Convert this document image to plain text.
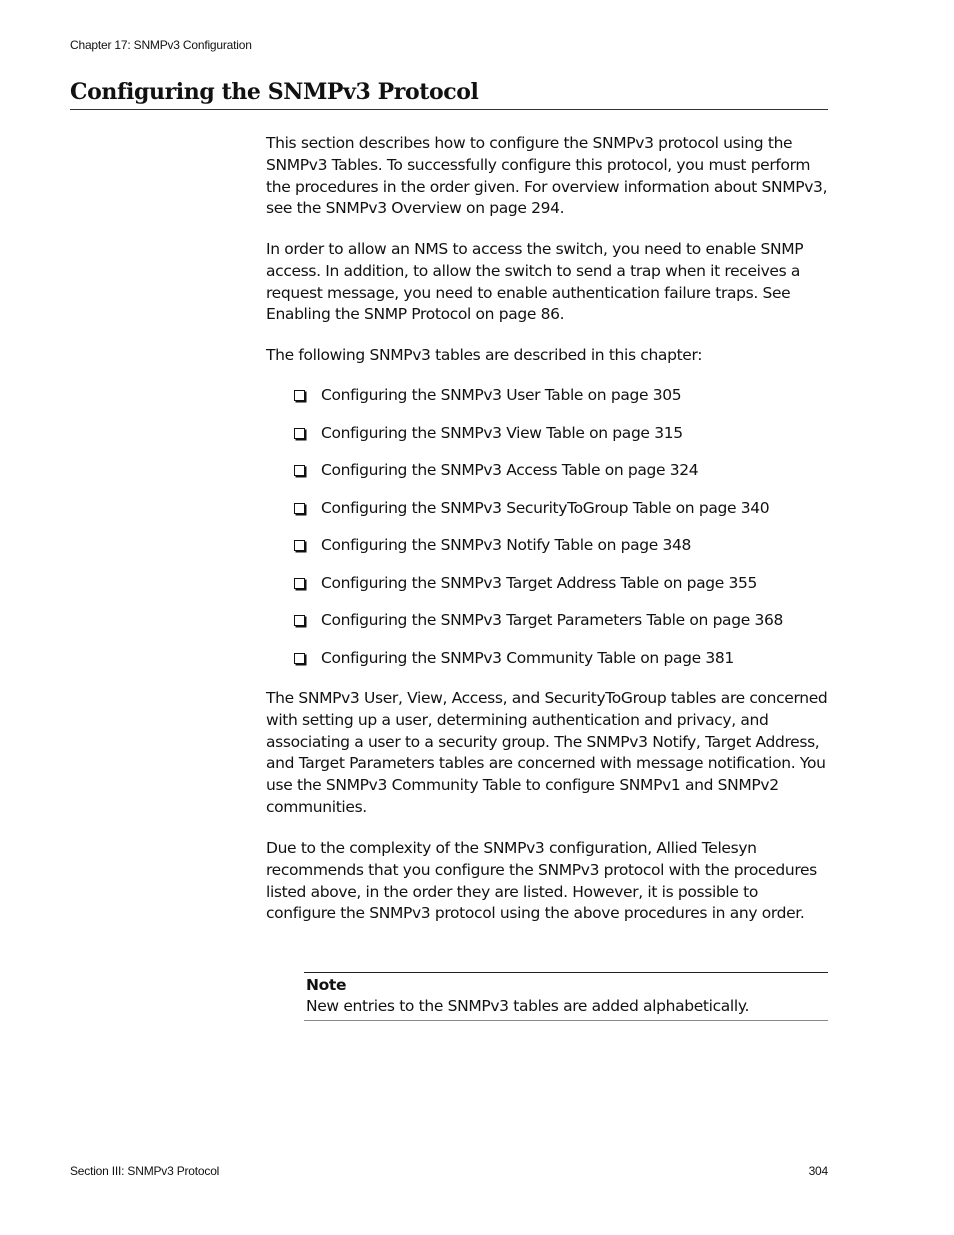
Chapter 17: SNMPv3 Configuration
Configuring the SNMPv3 Protocol

This section describes how to configure the SNMPv3 protocol using the SNMPv3 Tables. To successfully configure this protocol, you must perform the procedures in the order given. For overview information about SNMPv3, see the SNMPv3 Overview on page 294.

In order to allow an NMS to access the switch, you need to enable SNMP access. In addition, to allow the switch to send a trap when it receives a request message, you need to enable authentication failure traps. See Enabling the SNMP Protocol on page 86.

The following SNMPv3 tables are described in this chapter:

Configuring the SNMPv3 User Table on page 305
Configuring the SNMPv3 View Table on page 315
Configuring the SNMPv3 Access Table on page 324
Configuring the SNMPv3 SecurityToGroup Table on page 340
Configuring the SNMPv3 Notify Table on page 348
Configuring the SNMPv3 Target Address Table on page 355
Configuring the SNMPv3 Target Parameters Table on page 368
Configuring the SNMPv3 Community Table on page 381

The SNMPv3 User, View, Access, and SecurityToGroup tables are concerned with setting up a user, determining authentication and privacy, and associating a user to a security group. The SNMPv3 Notify, Target Address, and Target Parameters tables are concerned with message notification. You use the SNMPv3 Community Table to configure SNMPv1 and SNMPv2 communities.

Due to the complexity of the SNMPv3 configuration, Allied Telesyn recommends that you configure the SNMPv3 protocol with the procedures listed above, in the order they are listed. However, it is possible to configure the SNMPv3 protocol using the above procedures in any order.

Note
New entries to the SNMPv3 tables are added alphabetically.
Section III: SNMPv3 Protocol	304
